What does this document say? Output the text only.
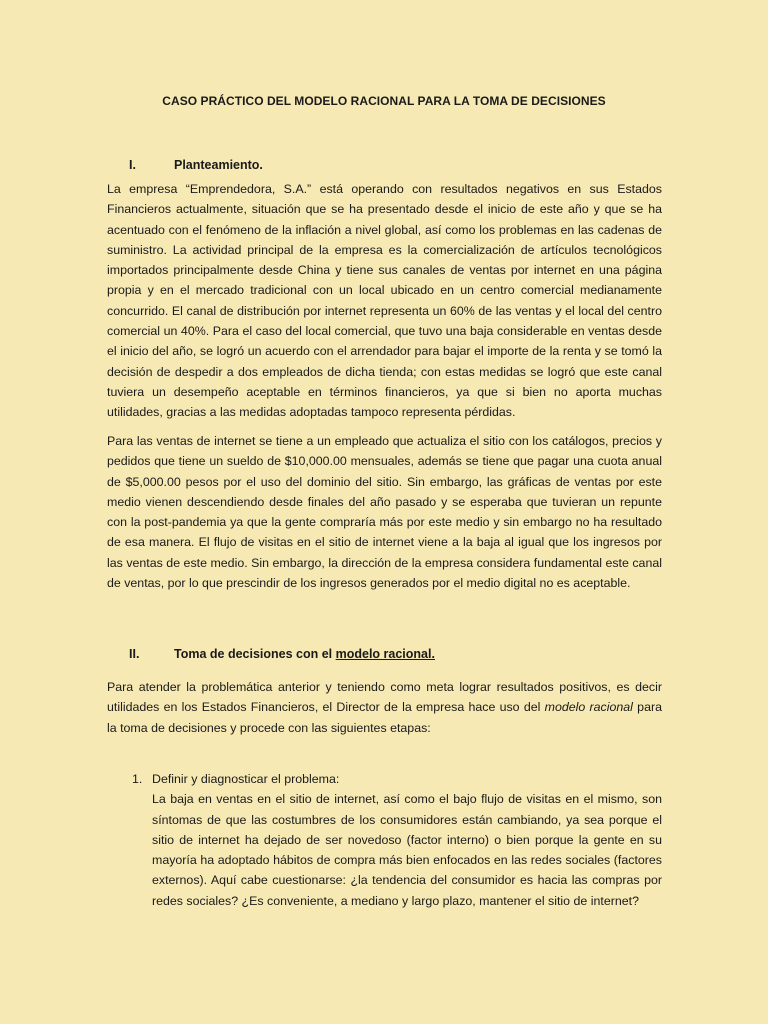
CASO PRÁCTICO DEL MODELO RACIONAL PARA LA TOMA DE DECISIONES
I.	Planteamiento.

La empresa “Emprendedora, S.A.” está operando con resultados negativos en sus Estados Financieros actualmente, situación que se ha presentado desde el inicio de este año y que se ha acentuado con el fenómeno de la inflación a nivel global, así como los problemas en las cadenas de suministro. La actividad principal de la empresa es la comercialización de artículos tecnológicos importados principalmente desde China y tiene sus canales de ventas por internet en una página propia y en el mercado tradicional con un local ubicado en un centro comercial medianamente concurrido. El canal de distribución por internet representa un 60% de las ventas y el local del centro comercial un 40%. Para el caso del local comercial, que tuvo una baja considerable en ventas desde el inicio del año, se logró un acuerdo con el arrendador para bajar el importe de la renta y se tomó la decisión de despedir a dos empleados de dicha tienda; con estas medidas se logró que este canal tuviera un desempeño aceptable en términos financieros, ya que si bien no aporta muchas utilidades, gracias a las medidas adoptadas tampoco representa pérdidas.

Para las ventas de internet se tiene a un empleado que actualiza el sitio con los catálogos, precios y pedidos que tiene un sueldo de $10,000.00 mensuales, además se tiene que pagar una cuota anual de $5,000.00 pesos por el uso del dominio del sitio. Sin embargo, las gráficas de ventas por este medio vienen descendiendo desde finales del año pasado y se esperaba que tuvieran un repunte con la post-pandemia ya que la gente compraría más por este medio y sin embargo no ha resultado de esa manera. El flujo de visitas en el sitio de internet viene a la baja al igual que los ingresos por las ventas de este medio. Sin embargo, la dirección de la empresa considera fundamental este canal de ventas, por lo que prescindir de los ingresos generados por el medio digital no es aceptable.

II.	Toma de decisiones con el modelo racional.

Para atender la problemática anterior y teniendo como meta lograr resultados positivos, es decir utilidades en los Estados Financieros, el Director de la empresa hace uso del modelo racional para la toma de decisiones y procede con las siguientes etapas:

1. Definir y diagnosticar el problema:
La baja en ventas en el sitio de internet, así como el bajo flujo de visitas en el mismo, son síntomas de que las costumbres de los consumidores están cambiando, ya sea porque el sitio de internet ha dejado de ser novedoso (factor interno) o bien porque la gente en su mayoría ha adoptado hábitos de compra más bien enfocados en las redes sociales (factores externos). Aquí cabe cuestionarse: ¿la tendencia del consumidor es hacia las compras por redes sociales? ¿Es conveniente, a mediano y largo plazo, mantener el sitio de internet?
